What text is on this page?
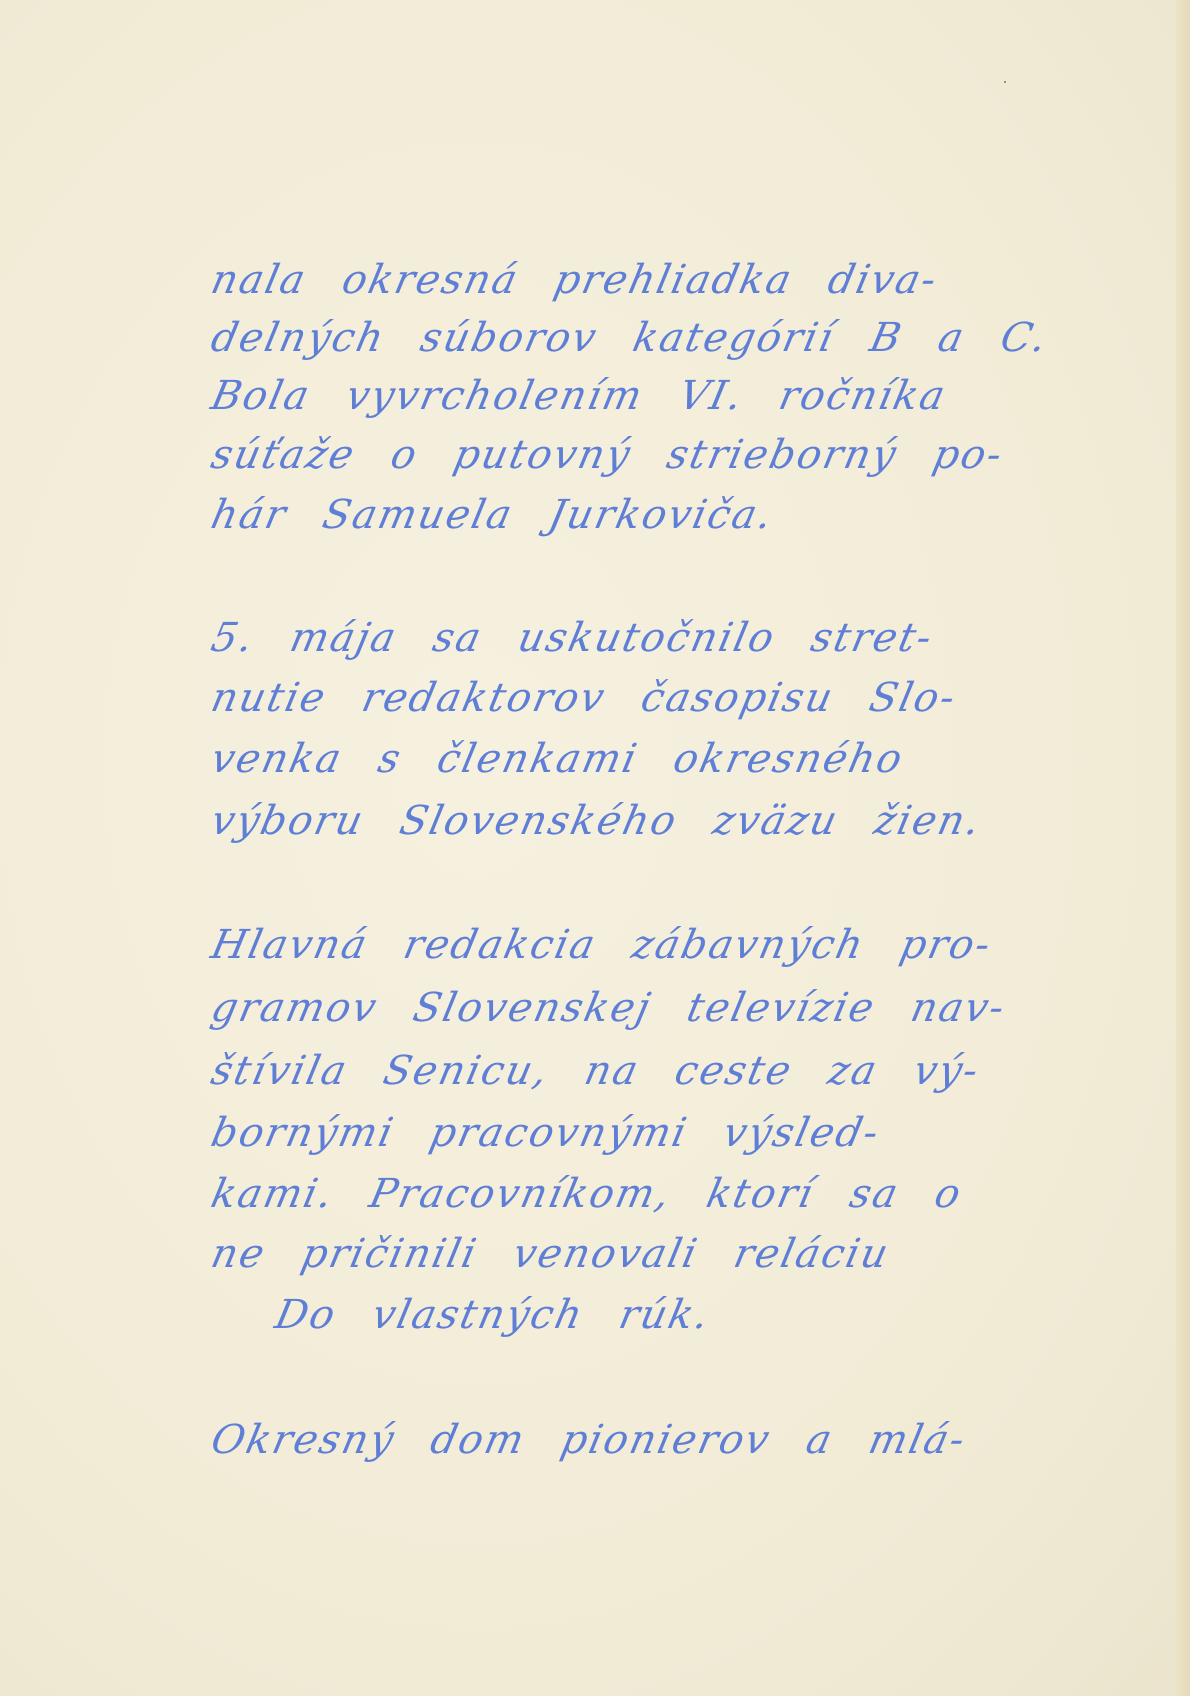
nala okresná prehliadka diva-
delných súborov kategórií B a C.
Bola vyvrcholením VI. ročníka
súťaže o putovný strieborný po-
hár Samuela Jurkoviča.
5. mája sa uskutočnilo stret-
nutie redaktorov časopisu Slo-
venka s členkami okresného
výboru Slovenského zväzu žien.
Hlavná redakcia zábavných pro-
gramov Slovenskej televízie nav-
štívila Senicu, na ceste za vý-
bornými pracovnými výsled-
kami. Pracovníkom, ktorí sa o
ne pričinili venovali reláciu
Do vlastných rúk.
Okresný dom pionierov a mlá-
